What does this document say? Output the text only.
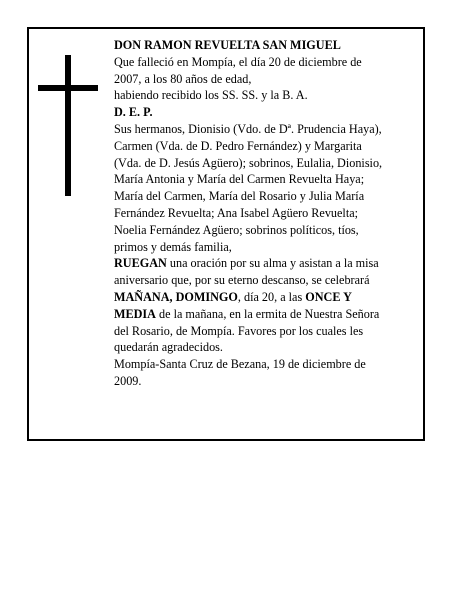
DON RAMON REVUELTA SAN MIGUEL
Que falleció en Mompía, el día 20 de diciembre de
2007, a los 80 años de edad,
habiendo recibido los SS. SS. y la B. A.
D. E. P.
Sus hermanos, Dionisio (Vdo. de Dª. Prudencia Haya),
Carmen (Vda. de D. Pedro Fernández) y Margarita
(Vda. de D. Jesús Agüero); sobrinos, Eulalia, Dionisio,
María Antonia y María del Carmen Revuelta Haya;
María del Carmen, María del Rosario y Julia María
Fernández Revuelta; Ana Isabel Agüero Revuelta;
Noelia Fernández Agüero; sobrinos políticos, tíos,
primos y demás familia,
RUEGAN una oración por su alma y asistan a la misa
aniversario que, por su eterno descanso, se celebrará
MAÑANA, DOMINGO, día 20, a las ONCE Y
MEDIA de la mañana, en la ermita de Nuestra Señora
del Rosario, de Mompía. Favores por los cuales les
quedarán agradecidos.
Mompía-Santa Cruz de Bezana, 19 de diciembre de
2009.
